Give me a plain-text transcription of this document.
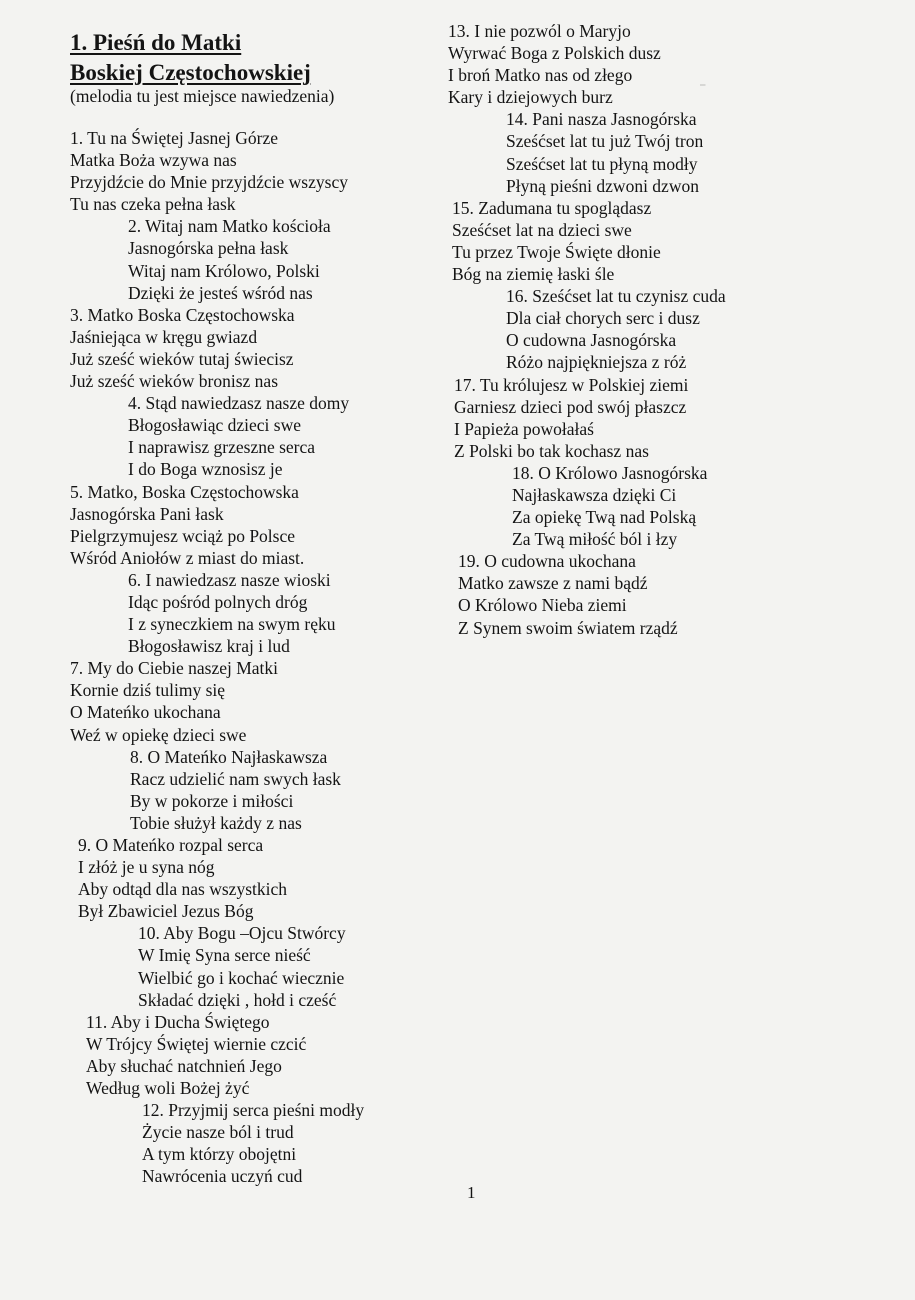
1. Pieśń do Matki
Boskiej Częstochowskiej
(melodia tu jest miejsce nawiedzenia)
1. Tu na Świętej Jasnej Górze
Matka Boża wzywa nas
Przyjdźcie do Mnie przyjdźcie wszyscy
Tu nas czeka pełna łask
2. Witaj nam Matko kościoła
Jasnogórska pełna łask
Witaj nam Królowo, Polski
Dzięki że jesteś wśród nas
3. Matko Boska Częstochowska
Jaśniejąca w kręgu gwiazd
Już sześć wieków tutaj świecisz
Już sześć wieków bronisz nas
4. Stąd nawiedzasz nasze domy
Błogosławiąc dzieci swe
I naprawisz grzeszne serca
I do Boga wznosisz je
5. Matko, Boska Częstochowska
Jasnogórska Pani łask
Pielgrzymujesz wciąż po Polsce
Wśród Aniołów z miast do miast.
6. I nawiedzasz nasze wioski
Idąc pośród polnych dróg
I z syneczkiem na swym ręku
Błogosławisz kraj i lud
7. My do Ciebie naszej Matki
Kornie dziś tulimy się
O Mateńko ukochana
Weź w opiekę dzieci swe
8. O Mateńko Najłaskawsza
Racz udzielić nam swych łask
By w pokorze i miłości
Tobie służył każdy z nas
9. O Mateńko rozpal serca
I złóż je u syna nóg
Aby odtąd dla nas wszystkich
Był Zbawiciel Jezus Bóg
10. Aby Bogu –Ojcu Stwórcy
W Imię Syna serce nieść
Wielbić go i kochać wiecznie
Składać dzięki , hołd i cześć
11. Aby i Ducha Świętego
W Trójcy Świętej wiernie czcić
Aby słuchać natchnień Jego
Według woli Bożej żyć
12. Przyjmij serca pieśni modły
Życie nasze ból i trud
A tym którzy obojętni
Nawrócenia uczyń cud
13. I nie pozwól o Maryjo
Wyrwać Boga z Polskich dusz
I broń Matko nas od złego
Kary i dziejowych burz
14. Pani nasza Jasnogórska
Sześćset lat tu już Twój tron
Sześćset lat tu płyną modły
Płyną pieśni dzwoni dzwon
15. Zadumana tu spoglądasz
Sześćset lat na dzieci swe
Tu przez Twoje Święte dłonie
Bóg na ziemię łaski śle
16. Sześćset lat tu czynisz cuda
Dla ciał chorych serc i dusz
O cudowna Jasnogórska
Różo najpiękniejsza z róż
17. Tu królujesz w Polskiej ziemi
Garniesz dzieci pod swój płaszcz
I Papieża powołałaś
Z Polski bo tak kochasz nas
18. O Królowo Jasnogórska
Najłaskawsza dzięki Ci
Za opiekę Twą nad Polską
Za Twą miłość ból i łzy
19. O cudowna ukochana
Matko zawsze z nami bądź
O Królowo Nieba ziemi
Z Synem swoim światem rządź
1
